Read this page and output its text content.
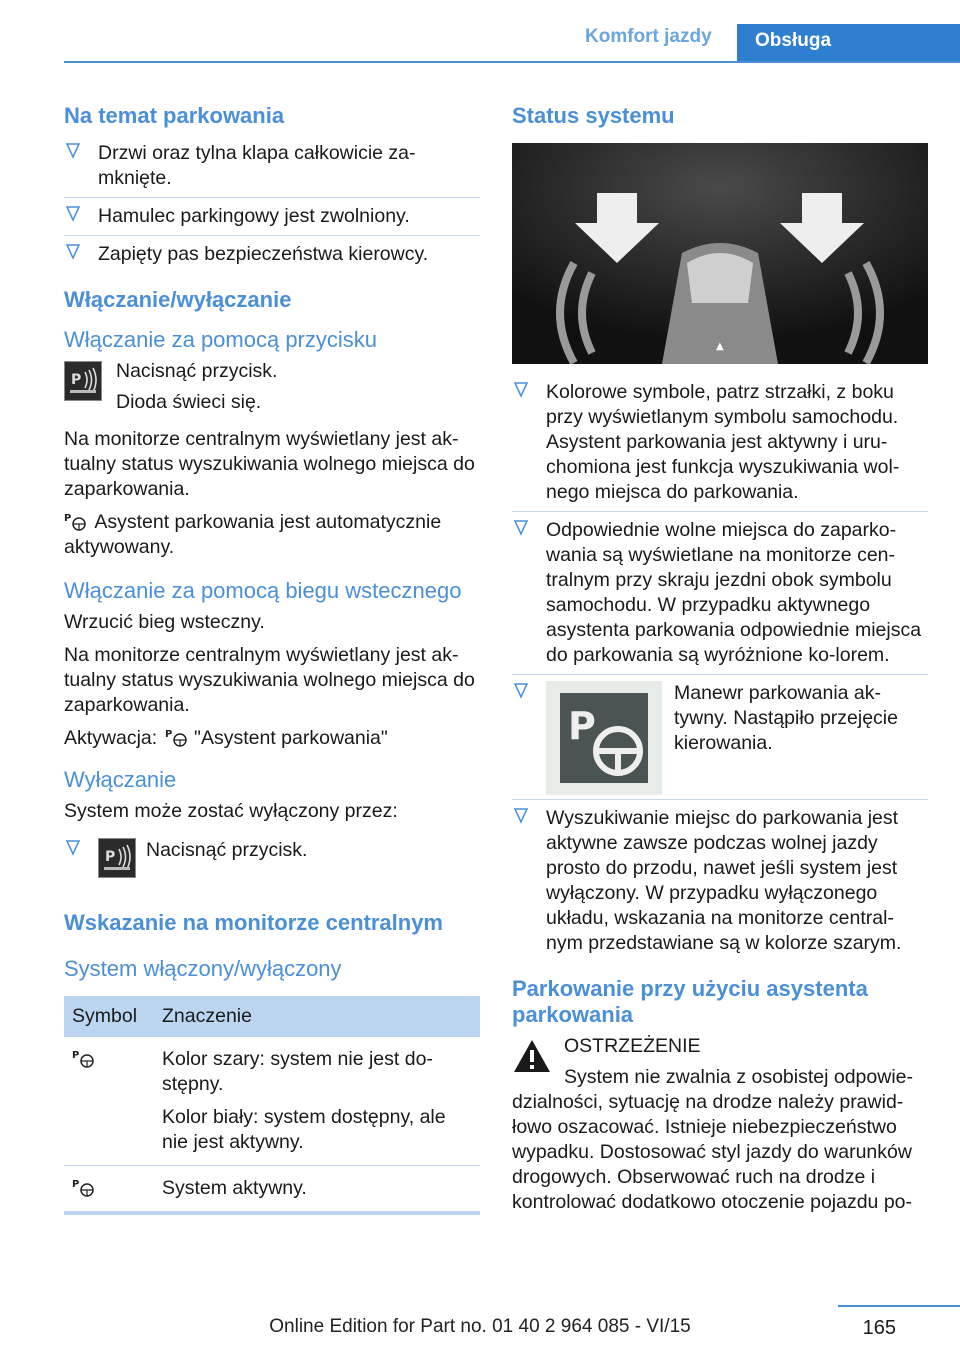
Komfort jazdy	Obsługa
Na temat parkowania
Drzwi oraz tylna klapa całkowicie za-mknięte.
Hamulec parkingowy jest zwolniony.
Zapięty pas bezpieczeństwa kierowcy.
Włączanie/wyłączanie
Włączanie za pomocą przycisku
P Nacisnąć przycisk.

Dioda świeci się.

Na monitorze centralnym wyświetlany jest ak-tualny status wyszukiwania wolnego miejsca do zaparkowania.

P Asystent parkowania jest automatycznie aktywowany.

Włączanie za pomocą biegu wstecznego

Wrzucić bieg wsteczny.

Na monitorze centralnym wyświetlany jest ak-tualny status wyszukiwania wolnego miejsca do zaparkowania.

Aktywacja: P "Asystent parkowania"

Wyłączanie

System może zostać wyłączony przez:

P Nacisnąć przycisk.
Wskazanie na monitorze centralnym
System włączony/wyłączony
Symbol	Znaczenie

P	Kolor szary: system nie jest do-stępny.

Kolor biały: system dostępny, ale nie jest aktywny.

P	System aktywny.
Status systemu
▲
Kolorowe symbole, patrz strzałki, z boku przy wyświetlanym symbolu samochodu. Asystent parkowania jest aktywny i uru-chomiona jest funkcja wyszukiwania wol-nego miejsca do parkowania.
Odpowiednie wolne miejsca do zaparko-wania są wyświetlane na monitorze cen-tralnym przy skraju jezdni obok symbolu samochodu. W przypadku aktywnego asystenta parkowania odpowiednie miejsca do parkowania są wyróżnione ko-lorem.
P
Manewr parkowania ak-tywny. Nastąpiło przejęcie kierowania.
Wyszukiwanie miejsc do parkowania jest aktywne zawsze podczas wolnej jazdy prosto do przodu, nawet jeśli system jest wyłączony. W przypadku wyłączonego układu, wskazania na monitorze central-nym przedstawiane są w kolorze szarym.
Parkowanie przy użyciu asystenta parkowania

OSTRZEŻENIE

System nie zwalnia z osobistej odpowie-dzialności, sytuację na drodze należy prawid-łowo oszacować. Istnieje niebezpieczeństwo wypadku. Dostosować styl jazdy do warunków drogowych. Obserwować ruch na drodze i kontrolować dodatkowo otoczenie pojazdu po-

165
Online Edition for Part no. 01 40 2 964 085 - VI/15
